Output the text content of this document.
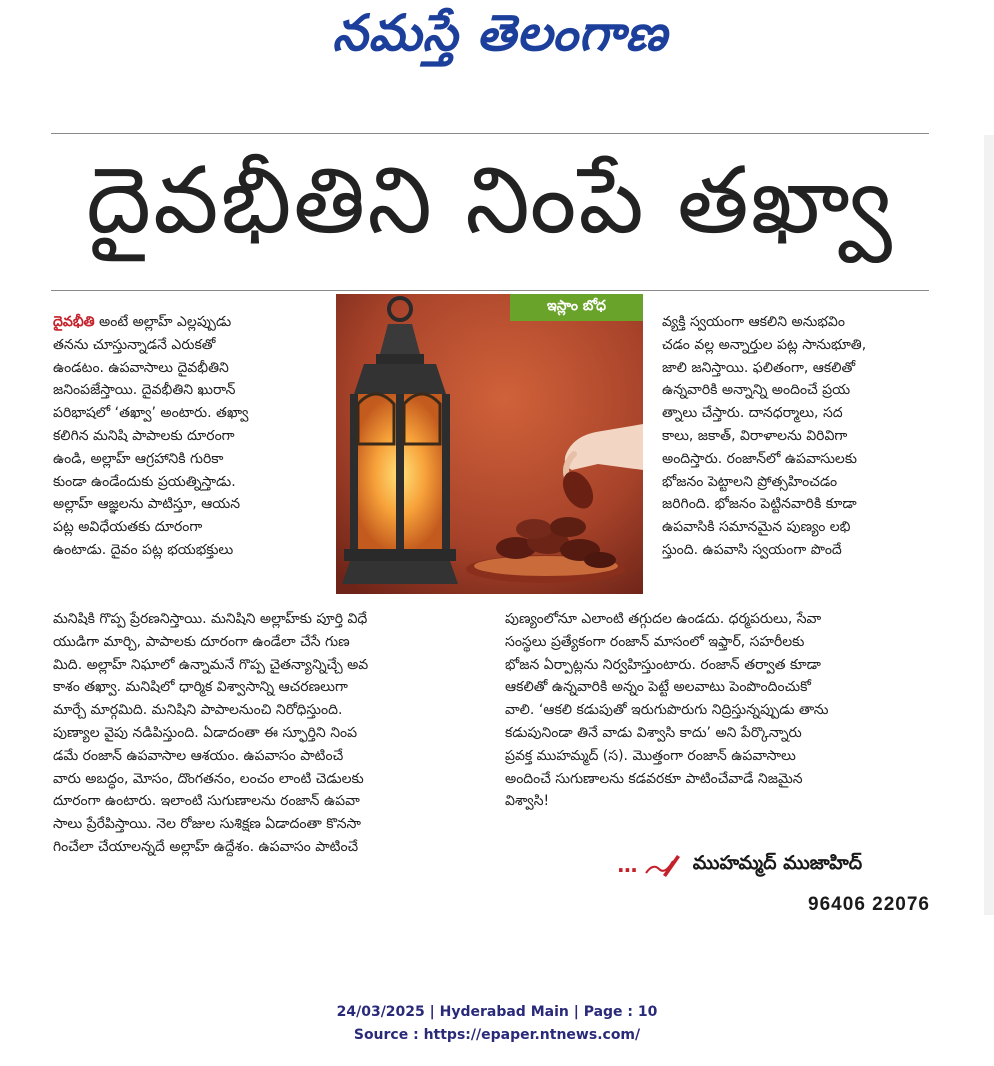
నమస్తే తెలంగాణ
దైవభీతిని నింపే తఖ్వా
దైవభీతి అంటే అల్లాహ్ ఎల్లప్పుడు
తనను చూస్తున్నాడనే ఎరుకతో
ఉండటం. ఉపవాసాలు దైవభీతిని
జనింపజేస్తాయి. దైవభీతిని ఖురాన్
పరిభాషలో ‘తఖ్వా’ అంటారు. తఖ్వా
కలిగిన మనిషి పాపాలకు దూరంగా
ఉండి, అల్లాహ్ ఆగ్రహానికి గురికా
కుండా ఉండేందుకు ప్రయత్నిస్తాడు.
అల్లాహ్ ఆజ్ఞలను పాటిస్తూ, ఆయన
పట్ల అవిధేయతకు దూరంగా
ఉంటాడు. దైవం పట్ల భయభక్తులు
ఇస్లాం బోధ
వ్యక్తి స్వయంగా ఆకలిని అనుభవిం
చడం వల్ల అన్నార్తుల పట్ల సానుభూతి,
జాలి జనిస్తాయి. ఫలితంగా, ఆకలితో
ఉన్నవారికి అన్నాన్ని అందించే ప్రయ
త్నాలు చేస్తారు. దానధర్మాలు, సద
కాలు, జకాత్, విరాళాలను విరివిగా
అందిస్తారు. రంజాన్‌లో ఉపవాసులకు
భోజనం పెట్టాలని ప్రోత్సహించడం
జరిగింది. భోజనం పెట్టినవారికి కూడా
ఉపవాసికి సమానమైన పుణ్యం లభి
స్తుంది. ఉపవాసి స్వయంగా పొందే
మనిషికి గొప్ప ప్రేరణనిస్తాయి. మనిషిని అల్లాహ్‌కు పూర్తి విధే
యుడిగా మార్చి, పాపాలకు దూరంగా ఉండేలా చేసే గుణ
మిది. అల్లాహ్ నిఘాలో ఉన్నామనే గొప్ప చైతన్యాన్నిచ్చే అవ
కాశం తఖ్వా. మనిషిలో ధార్మిక విశ్వాసాన్ని ఆచరణలుగా
మార్చే మార్గమిది. మనిషిని పాపాలనుంచి నిరోధిస్తుంది.
పుణ్యాల వైపు నడిపిస్తుంది. ఏడాదంతా ఈ స్ఫూర్తిని నింప
డమే రంజాన్ ఉపవాసాల ఆశయం. ఉపవాసం పాటించే
వారు అబద్ధం, మోసం, దొంగతనం, లంచం లాంటి చెడులకు
దూరంగా ఉంటారు. ఇలాంటి సుగుణాలను రంజాన్ ఉపవా
సాలు ప్రేరేపిస్తాయి. నెల రోజుల సుశిక్షణ ఏడాదంతా కొనసా
గించేలా చేయాలన్నదే అల్లాహ్ ఉద్దేశం. ఉపవాసం పాటించే
పుణ్యంలోనూ ఎలాంటి తగ్గుదల ఉండదు. ధర్మపరులు, సేవా
సంస్థలు ప్రత్యేకంగా రంజాన్ మాసంలో ఇఫ్తార్, సహరీలకు
భోజన ఏర్పాట్లను నిర్వహిస్తుంటారు. రంజాన్ తర్వాత కూడా
ఆకలితో ఉన్నవారికి అన్నం పెట్టే అలవాటు పెంపొందించుకో
వాలి. ‘ఆకలి కడుపుతో ఇరుగుపొరుగు నిద్రిస్తున్నప్పుడు తాను
కడుపునిండా తినే వాడు విశ్వాసి కాదు’ అని పేర్కొన్నారు
ప్రవక్త ముహమ్మద్ (స). మొత్తంగా రంజాన్ ఉపవాసాలు
అందించే సుగుణాలను కడవరకూ పాటించేవాడే నిజమైన
విశ్వాసి!
...	ముహమ్మద్ ముజాహిద్
96406 22076
24/03/2025 | Hyderabad Main | Page : 10
Source : https://epaper.ntnews.com/
